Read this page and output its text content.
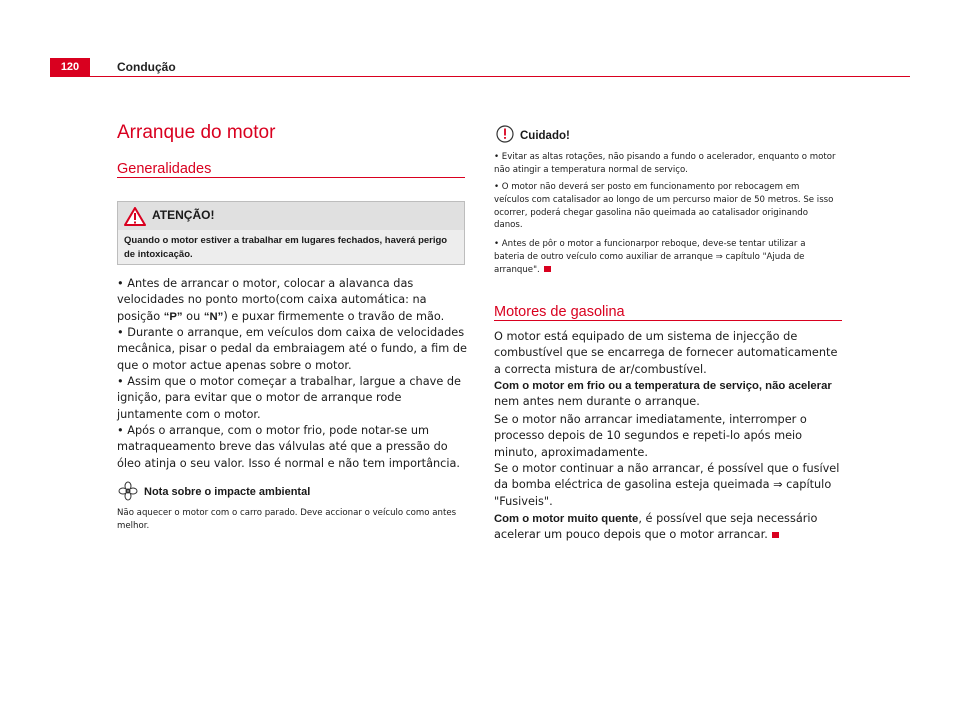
120	Condução
Arranque do motor
Generalidades
ATENÇÃO!
Quando o motor estiver a trabalhar em lugares fechados, haverá perigo de intoxicação.
• Antes de arrancar o motor, colocar a alavanca das velocidades no ponto morto(com caixa automática: na posição “P” ou “N”) e puxar firmemente o travão de mão.
• Durante o arranque, em veículos dom caixa de velocidades mecânica, pisar o pedal da embraiagem até o fundo, a fim de que o motor actue apenas sobre o motor.
• Assim que o motor começar a trabalhar, largue a chave de ignição, para evitar que o motor de arranque rode juntamente com o motor.
• Após o arranque, com o motor frio, pode notar-se um matraqueamento breve das válvulas até que a pressão do óleo atinja o seu valor. Isso é normal e não tem importância.
Nota sobre o impacte ambiental
Não aquecer o motor com o carro parado. Deve accionar o veículo como antes melhor.
Cuidado!
• Evitar as altas rotações, não pisando a fundo o acelerador, enquanto o motor não atingir a temperatura normal de serviço.
• O motor não deverá ser posto em funcionamento por rebocagem em veículos com catalisador ao longo de um percurso maior de 50 metros. Se isso ocorrer, poderá chegar gasolina não queimada ao catalisador originando danos.
• Antes de pôr o motor a funcionarpor reboque, deve-se tentar utilizar a bateria de outro veículo como auxiliar de arranque ⇒ capítulo "Ajuda de arranque".
Motores de gasolina
O motor está equipado de um sistema de injecção de combustível que se encarrega de fornecer automaticamente a correcta mistura de ar/combustível.
Com o motor em frio ou a temperatura de serviço, não acelerar
nem antes nem durante o arranque.
Se o motor não arrancar imediatamente, interromper o processo depois de 10 segundos e repeti-lo após meio minuto, aproximadamente.
Se o motor continuar a não arrancar, é possível que o fusível da bomba eléctrica de gasolina esteja queimada ⇒ capítulo "Fusiveis".
Com o motor muito quente, é possível que seja necessário acelerar um pouco depois que o motor arrancar.
